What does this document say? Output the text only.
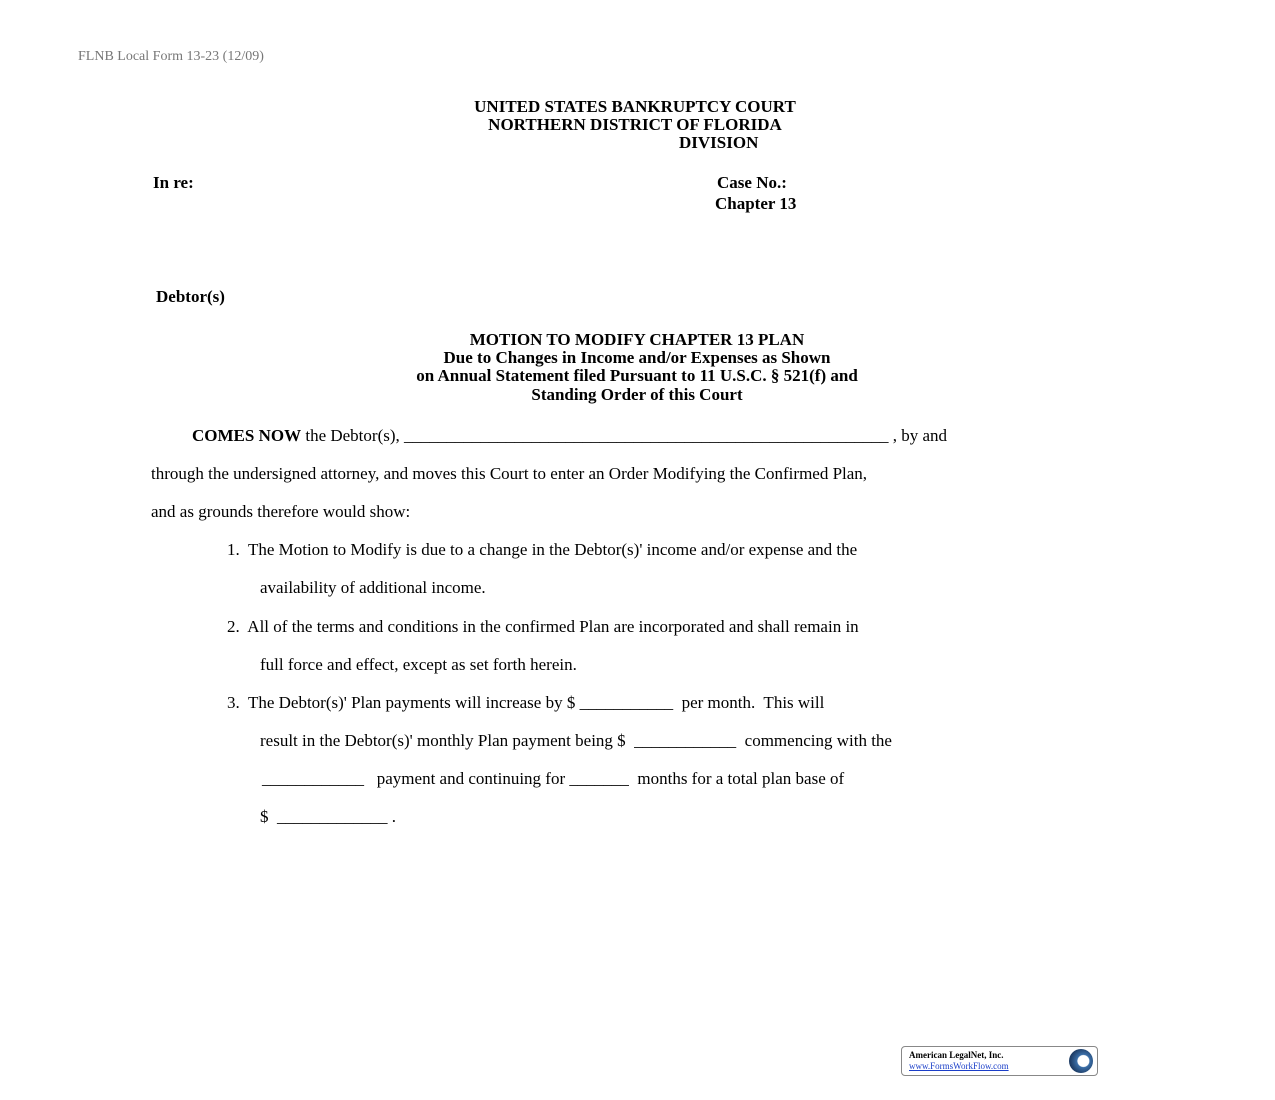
FLNB Local Form 13-23 (12/09)
UNITED STATES BANKRUPTCY COURT
NORTHERN DISTRICT OF FLORIDA
DIVISION
In re:	Case No.:
Chapter 13
Debtor(s)
MOTION TO MODIFY CHAPTER 13 PLAN
Due to Changes in Income and/or Expenses as Shown
on Annual Statement filed Pursuant to 11 U.S.C. § 521(f) and
Standing Order of this Court
COMES NOW the Debtor(s), _________________________________________________________ , by and
through the undersigned attorney, and moves this Court to enter an Order Modifying the Confirmed Plan,
and as grounds therefore would show:
1.  The Motion to Modify is due to a change in the Debtor(s)' income and/or expense and the
availability of additional income.
2.  All of the terms and conditions in the confirmed Plan are incorporated and shall remain in
full force and effect, except as set forth herein.
3.  The Debtor(s)' Plan payments will increase by $ ___________  per month.  This will
result in the Debtor(s)' monthly Plan payment being $  ____________  commencing with the
____________   payment and continuing for _______  months for a total plan base of
$  _____________ .
American LegalNet, Inc.
www.FormsWorkFlow.com
